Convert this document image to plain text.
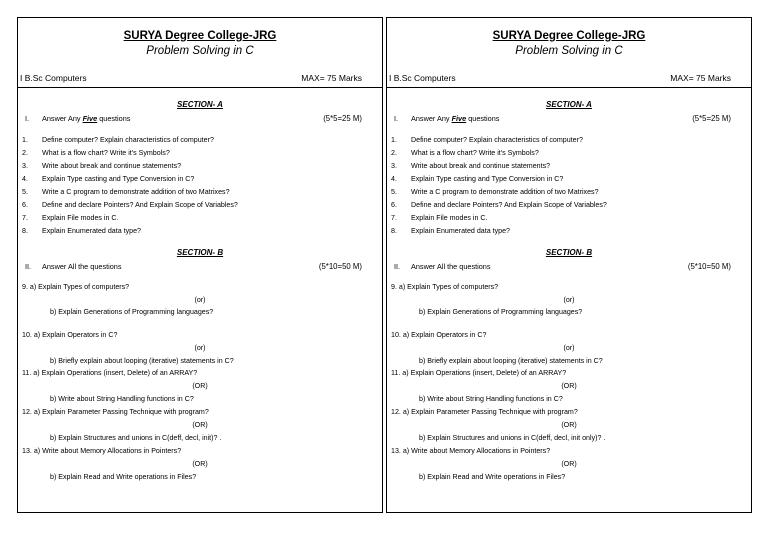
SURYA Degree College-JRG
Problem Solving in C
I B.Sc Computers	MAX= 75 Marks
SECTION- A
I. Answer Any Five questions	(5*5=25 M)
1. Define computer? Explain characteristics of computer?
2. What is a flow chart? Write it's Symbols?
3. Write about break and continue statements?
4. Explain Type casting and Type Conversion in C?
5. Write a C program to demonstrate addition of two Matrixes?
6. Define and declare Pointers? And Explain Scope of Variables?
7. Explain File modes in C.
8. Explain Enumerated data type?
SECTION- B
II. Answer All the questions	(5*10=50 M)
9. a) Explain Types of computers?
(or)
b) Explain Generations of Programming languages?
10. a) Explain Operators in C?
(or)
b) Briefly explain about looping (iterative) statements in C?
11. a) Explain Operations (insert, Delete) of an ARRAY?
(OR)
b) Write about String Handling functions in C?
12. a) Explain Parameter Passing Technique with program?
(OR)
b) Explain Structures and unions in C(deff, decl, init)? .
13. a) Write about Memory Allocations in Pointers?
(OR)
b) Explain Read and Write operations in Files?
SURYA Degree College-JRG
Problem Solving in C
I B.Sc Computers	MAX= 75 Marks
SECTION- A
I. Answer Any Five questions	(5*5=25 M)
1. Define computer? Explain characteristics of computer?
2. What is a flow chart? Write it's Symbols?
3. Write about break and continue statements?
4. Explain Type casting and Type Conversion in C?
5. Write a C program to demonstrate addition of two Matrixes?
6. Define and declare Pointers? And Explain Scope of Variables?
7. Explain File modes in C.
8. Explain Enumerated data type?
SECTION- B
II. Answer All the questions	(5*10=50 M)
9. a) Explain Types of computers?
(or)
b) Explain Generations of Programming languages?
10. a) Explain Operators in C?
(or)
b) Briefly explain about looping (iterative) statements in C?
11. a) Explain Operations (insert, Delete) of an ARRAY?
(OR)
b) Write about String Handling functions in C?
12. a) Explain Parameter Passing Technique with program?
(OR)
b) Explain Structures and unions in C(deff, decl, init only)? .
13. a) Write about Memory Allocations in Pointers?
(OR)
b) Explain Read and Write operations in Files?
